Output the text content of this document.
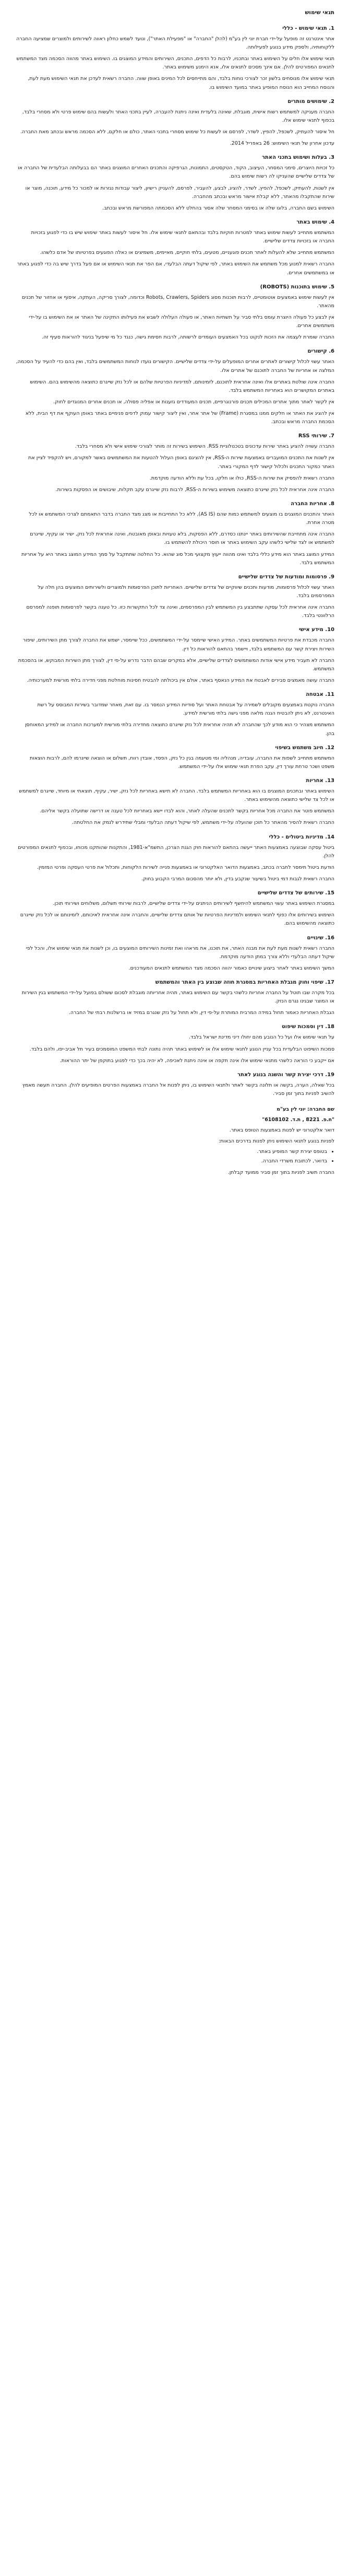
תנאי שימוש
1. תנאי שימוש - כללי

אתר אינטרנט זה מופעל על-ידי חברת יוני לין בע"מ (להלן "החברה" או "מפעילת האתר"), ונועד לשמש כחלון ראווה לשירותים ולמוצרים שמציעה החברה ללקוחותיה, ולספק מידע בנוגע לפעילותה.

תנאי שימוש אלו חלים על השימוש באתר ובתכניו, לרבות כל הדפים, התכנים, השירותים והמידע המוצגים בו. השימוש באתר מהווה הסכמה מצד המשתמש לתנאים המפורטים להלן. אם אינך מסכים לתנאים אלו, אנא הימנע משימוש באתר.

תנאי שימוש אלו מנוסחים בלשון זכר לצורכי נוחות בלבד, והם מתייחסים לכל המינים באופן שווה. החברה רשאית לעדכן את תנאי השימוש מעת לעת, והנוסח המחייב הוא הנוסח המופיע באתר במועד השימוש בו.

2. שימושים מותרים

החברה מעניקה למשתמש רשות אישית, מוגבלת, שאינה בלעדית ואינה ניתנת להעברה, לעיין בתכני האתר ולעשות בהם שימוש פרטי ולא מסחרי בלבד, בכפוף לתנאי שימוש אלו.

חל איסור להעתיק, לשכפל, להפיץ, לשדר, לפרסם או לעשות כל שימוש מסחרי בתכני האתר, כולם או חלקם, ללא הסכמה מראש ובכתב מאת החברה.

עדכון אחרון של תנאי השימוש: 26 באפריל 2014.

3. בעלות ושימוש בתכני האתר

כל זכויות היוצרים, סימני המסחר, העיצוב, הקוד, הטקסטים, התמונות, הגרפיקה והתכנים האחרים המוצגים באתר הם בבעלותה הבלעדית של החברה או של צדדים שלישיים שהעניקו לה רשות שימוש בהם.

אין לשנות, להעתיק, לשכפל, להפיץ, לשדר, להציג, לבצע, להעביר, לפרסם, להעניק רישיון, ליצור עבודות נגזרות או למכור כל מידע, תוכנה, מוצר או שירות שהתקבלו מהאתר, ללא קבלת אישור מראש ובכתב מהחברה.

השימוש בשם החברה, בלוגו שלה או בסימני המסחר שלה אסור בהחלט ללא הסכמתה המפורשת מראש ובכתב.

4. שימוש באתר

המשתמש מתחייב לעשות שימוש באתר למטרות חוקיות בלבד ובהתאם לתנאי שימוש אלו. חל איסור לעשות באתר שימוש שיש בו כדי לפגוע בזכויות החברה או בזכויות צדדים שלישיים.

המשתמש מתחייב שלא להעלות לאתר תכנים פוגעניים, מטעים, בלתי חוקיים, מאיימים, משמיצים או כאלה הפוגעים בפרטיותו של אדם כלשהו.

החברה רשאית למנוע מכל משתמש את השימוש באתר, לפי שיקול דעתה הבלעדי, אם הפר את תנאי השימוש או אם פעל בדרך שיש בה כדי לפגוע באתר או במשתמשים אחרים.

5. שימוש בתוכנות (ROBOTS)

אין לעשות שימוש באמצעים אוטומטיים, לרבות תוכנות מסוג Robots, Crawlers, Spiders וכדומה, לצורך סריקה, העתקה, איסוף או אחזור של תכנים מהאתר.

אין לבצע כל פעולה היוצרת עומס בלתי סביר על תשתיות האתר, או פעולה העלולה לשבש את פעילותו התקינה של האתר או את השימוש בו על-ידי משתמשים אחרים.

החברה שומרת לעצמה את הזכות לנקוט בכל האמצעים העומדים לרשותה, לרבות חסימת גישה, כנגד כל מי שיפעל בניגוד להוראות סעיף זה.

6. קישורים

האתר עשוי לכלול קישורים לאתרים אחרים המופעלים על-ידי צדדים שלישיים. הקישורים נועדו לנוחות המשתמשים בלבד, ואין בהם כדי להעיד על הסכמה, המלצה או אחריות של החברה לתוכנם של אתרים אלו.

החברה אינה שולטת באתרים אלו ואינה אחראית לתוכנם, לזמינותם, למדיניות הפרטיות שלהם או לכל נזק שייגרם כתוצאה מהשימוש בהם. השימוש באתרים המקושרים הוא באחריות המשתמש בלבד.

אין לקשר לאתר מתוך אתרים המכילים תכנים פורנוגרפיים, תכנים המעודדים גזענות או אפליה פסולה, או תכנים אחרים המנוגדים לחוק.

אין להציג את האתר או חלקים ממנו במסגרת (Frame) של אתר אחר, ואין ליצור קישור עמוק לדפים פנימיים באתר באופן העוקף את דף הבית, ללא הסכמת החברה מראש ובכתב.

7. שירותי RSS

החברה עשויה להציע באתר שירות עדכונים בטכנולוגיית RSS. השימוש בשירות זה מותר לצורכי שימוש אישי ולא מסחרי בלבד.

אין לשנות את התכנים המועברים באמצעות שירות ה-RSS, אין להציגם באופן העלול להטעות את המשתמשים באשר למקורם, ויש להקפיד לציין את האתר כמקור התכנים ולכלול קישור לדף המקורי באתר.

החברה רשאית להפסיק את שירות ה-RSS, כולו או חלקו, בכל עת וללא הודעה מוקדמת.

החברה אינה אחראית לכל נזק שייגרם כתוצאה משימוש בשירות ה-RSS, לרבות נזק שייגרם עקב תקלות, שיבושים או הפסקות בשירות.

8. אחריות החברה

האתר והתכנים המוצגים בו מוצעים למשתמש כמות שהם (AS IS), ללא כל התחייבות או מצג מצד החברה בדבר התאמתם לצרכי המשתמש או לכל מטרה אחרת.

החברה אינה מתחייבת שהשירותים באתר יינתנו כסדרם, ללא הפסקות, בלא טעויות ובאופן מאובטח, ואינה אחראית לכל נזק, ישיר או עקיף, שייגרם למשתמש או לצד שלישי כלשהו עקב השימוש באתר או חוסר היכולת להשתמש בו.

המידע המוצג באתר הוא מידע כללי בלבד ואינו מהווה ייעוץ מקצועי מכל סוג שהוא. כל החלטה שתתקבל על סמך המידע המוצג באתר היא על אחריות המשתמש בלבד.

9. פרסומות ומודעות של צדדים שלישיים

האתר עשוי לכלול פרסומות, מודעות ותכנים שיווקיים של צדדים שלישיים. האחריות לתוכן הפרסומות ולמוצרים ולשירותים המוצעים בהן חלה על המפרסמים בלבד.

החברה אינה אחראית לכל עסקה שתתבצע בין המשתמש לבין המפרסמים, ואינה צד לכל התקשרות כזו. כל טענה בקשר לפרסומות תופנה למפרסם הרלוונטי בלבד.

10. מידע אישי

החברה מכבדת את פרטיות המשתמשים באתר. המידע האישי שיימסר על-ידי המשתמשים, ככל שיימסר, ישמש את החברה לצורך מתן השירותים, שיפור השירות ויצירת קשר עם המשתמש בלבד, ויישמר בהתאם להוראות כל דין.

החברה לא תעביר מידע אישי אודות המשתמשים לצדדים שלישיים, אלא במקרים שבהם הדבר נדרש על-פי דין, לצורך מתן השירות המבוקש, או בהסכמת המשתמש.

החברה עושה מאמצים סבירים לאבטח את המידע הנאסף באתר, אולם אין ביכולתה להבטיח חסינות מוחלטת מפני חדירה בלתי מורשית למערכותיה.

11. אבטחה

החברה נוקטת באמצעים מקובלים לשמירה על אבטחת האתר ועל סודיות המידע הנמסר בו. עם זאת, מאחר שמדובר בשירות המבוסס על רשת האינטרנט, לא ניתן להבטיח הגנה מלאה מפני גישה בלתי מורשית למידע.

המשתמש מצהיר כי הוא מודע לכך שהחברה לא תהיה אחראית לכל נזק שייגרם כתוצאה מחדירה בלתי מורשית למערכות החברה או למידע המאוחסן בהן.

12. חיוב משתמש בשיפוי

המשתמש מתחייב לשפות את החברה, עובדיה, מנהליה ומי מטעמה בגין כל נזק, הפסד, אובדן רווח, תשלום או הוצאה שייגרמו להם, לרבות הוצאות משפט ושכר טרחת עורך דין, עקב הפרת תנאי שימוש אלו על-ידי המשתמש.

13. אחריות

השימוש באתר ובתכנים המוצגים בו הוא באחריות המשתמש בלבד. החברה לא תישא באחריות לכל נזק, ישיר, עקיף, תוצאתי או מיוחד, שייגרם למשתמש או לכל צד שלישי כתוצאה מהשימוש באתר.

המשתמש פוטר את החברה מכל אחריות בקשר לתכנים שהעלה לאתר, והוא לבדו יישא באחריות לכל טענה או דרישה שתועלה בקשר אליהם.

החברה רשאית להסיר מהאתר כל תוכן שהועלה על-ידי משתמש, לפי שיקול דעתה הבלעדי ומבלי שתידרש לנמק את החלטתה.

14. מדיניות ביטולים - כללי

ביטול עסקה שבוצעה באמצעות האתר ייעשה בהתאם להוראות חוק הגנת הצרכן, התשמ"א-1981, והתקנות שהותקנו מכוחו, ובכפוף לתנאים המפורטים להלן.

הודעת ביטול תימסר לחברה בכתב, באמצעות הדואר האלקטרוני או באמצעות פנייה לשירות הלקוחות, ותכלול את פרטי העסקה ופרטי המזמין.

החברה רשאית לגבות דמי ביטול בשיעור שנקבע בדין, ולא יותר מהסכום המרבי הקבוע בחוק.

15. שירותים של צדדים שלישיים

במסגרת השימוש באתר עשוי המשתמש להיחשף לשירותים הניתנים על-ידי צדדים שלישיים, לרבות שירותי תשלום, משלוחים ושירותי תוכן.

השימוש בשירותים אלו כפוף לתנאי השימוש ולמדיניות הפרטיות של אותם צדדים שלישיים, והחברה אינה אחראית לאיכותם, לזמינותם או לכל נזק שייגרם כתוצאה מהשימוש בהם.

16. שינויים

החברה רשאית לשנות מעת לעת את מבנה האתר, את תוכנו, את מראהו ואת זמינות השירותים המוצעים בו, וכן לשנות את תנאי שימוש אלו, והכל לפי שיקול דעתה הבלעדי וללא צורך במתן הודעה מוקדמת.

המשך השימוש באתר לאחר ביצוע שינויים כאמור יהווה הסכמה מצד המשתמש לתנאים המעודכנים.

17. שיפוי וחוק מגבלת האחריות במסגרת חוזה שבוצע בין האתר והמשתמש

בכל מקרה שבו תוטל על החברה אחריות כלשהי בקשר עם השימוש באתר, תהיה אחריותה מוגבלת לסכום ששולם בפועל על-ידי המשתמש בגין השירות או המוצר שבגינו נגרם הנזק.

הגבלת האחריות כאמור תחול במידה המרבית המותרת על-פי דין, ולא תחול על נזק שנגרם במזיד או ברשלנות רבתי של החברה.

18. דין וסמכות שיפוט

על תנאי שימוש אלו ועל כל הנובע מהם יחולו דיני מדינת ישראל בלבד.

סמכות השיפוט הבלעדית בכל עניין הנוגע לתנאי שימוש אלו או לשימוש באתר תהיה נתונה לבתי המשפט המוסמכים בעיר תל אביב-יפו, ולהם בלבד.

אם ייקבע כי הוראה כלשהי מתנאי שימוש אלו אינה תקפה או אינה ניתנת לאכיפה, לא יהיה בכך כדי לפגוע בתוקפן של יתר ההוראות.

19. דרכי יצירת קשר והשגה בנוגע לאתר

בכל שאלה, הערה, בקשה או תלונה בקשר לאתר ולתנאי השימוש בו, ניתן לפנות אל החברה באמצעות הפרטים המופיעים להלן. החברה תעשה מאמץ להשיב לפניות בתוך זמן סביר.

שם החברה: יוני לין בע"מ
"ח.פ. 8221 , ת.ד. 6108102"
דואר אלקטרוני יש לפנות באמצעות הטופס באתר.
לפניות בנוגע לתנאי השימוש ניתן לפנות בדרכים הבאות:
• בטופס יצירת קשר המופיע באתר.
• בדואר, לכתובת משרדי החברה.
החברה תשיב לפניות בתוך זמן סביר ממועד קבלתן.
